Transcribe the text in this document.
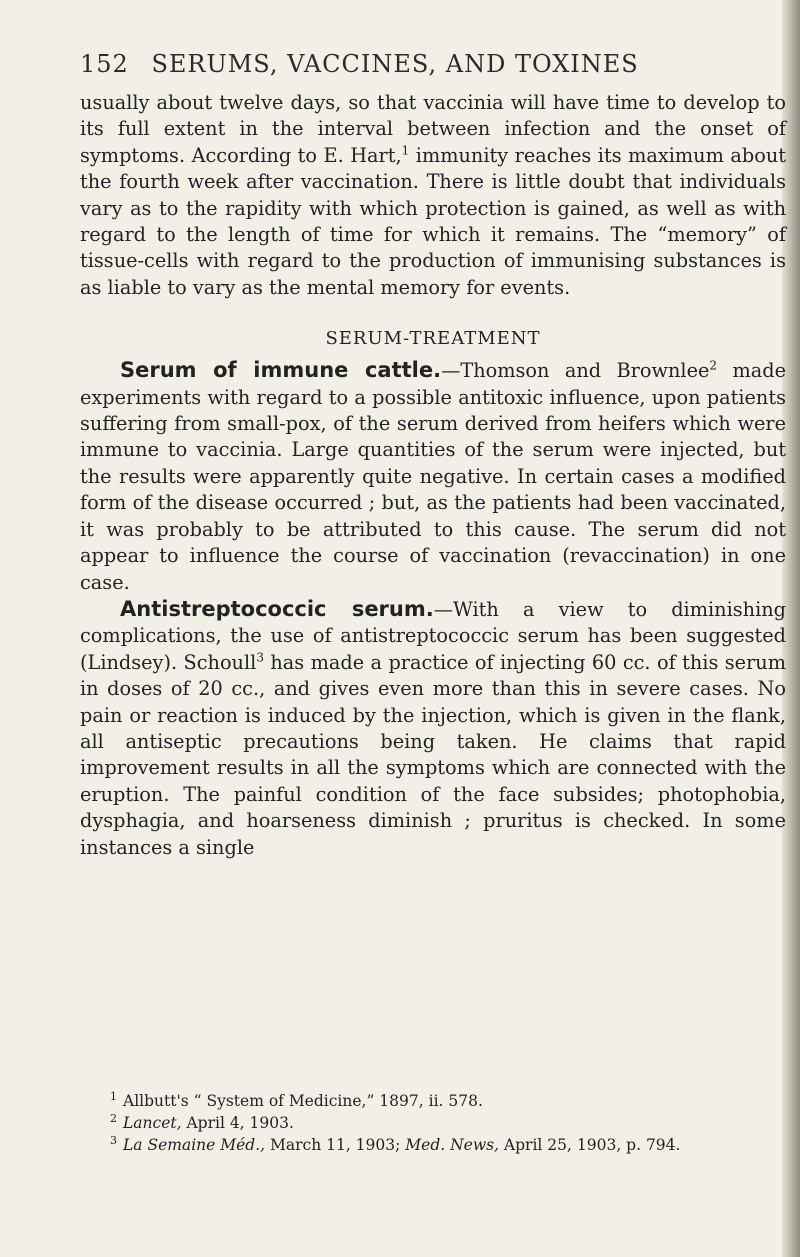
152 SERUMS, VACCINES, AND TOXINES

usually about twelve days, so that vaccinia will have time to develop to its full extent in the interval between infection and the onset of symptoms. According to E. Hart,$^1$ immunity reaches its maximum about the fourth week after vaccination. There is little doubt that individuals vary as to the rapidity with which protection is gained, as well as with regard to the length of time for which it remains. The “memory” of tissue-cells with regard to the production of immunising substances is as liable to vary as the mental memory for events.

SERUM-TREATMENT

Serum of immune cattle.—Thomson and Brownlee$^2$ made experiments with regard to a possible antitoxic influence, upon patients suffering from small-pox, of the serum derived from heifers which were immune to vaccinia. Large quantities of the serum were injected, but the results were apparently quite negative. In certain cases a modified form of the disease occurred ; but, as the patients had been vaccinated, it was probably to be attributed to this cause. The serum did not appear to influence the course of vaccination (revaccination) in one case.

Antistreptococcic serum.—With a view to diminishing complications, the use of antistreptococcic serum has been suggested (Lindsey). Schoull$^3$ has made a practice of injecting 60 cc. of this serum in doses of 20 cc., and gives even more than this in severe cases. No pain or reaction is induced by the injection, which is given in the flank, all antiseptic precautions being taken. He claims that rapid improvement results in all the symptoms which are connected with the eruption. The painful condition of the face subsides; photophobia, dysphagia, and hoarseness diminish ; pruritus is checked. In some instances a single

$^1$ Allbutt's “ System of Medicine,” 1897, ii. 578.

$^2$ Lancet, April 4, 1903.

$^3$ La Semaine Méd., March 11, 1903; Med. News, April 25, 1903, p. 794.
